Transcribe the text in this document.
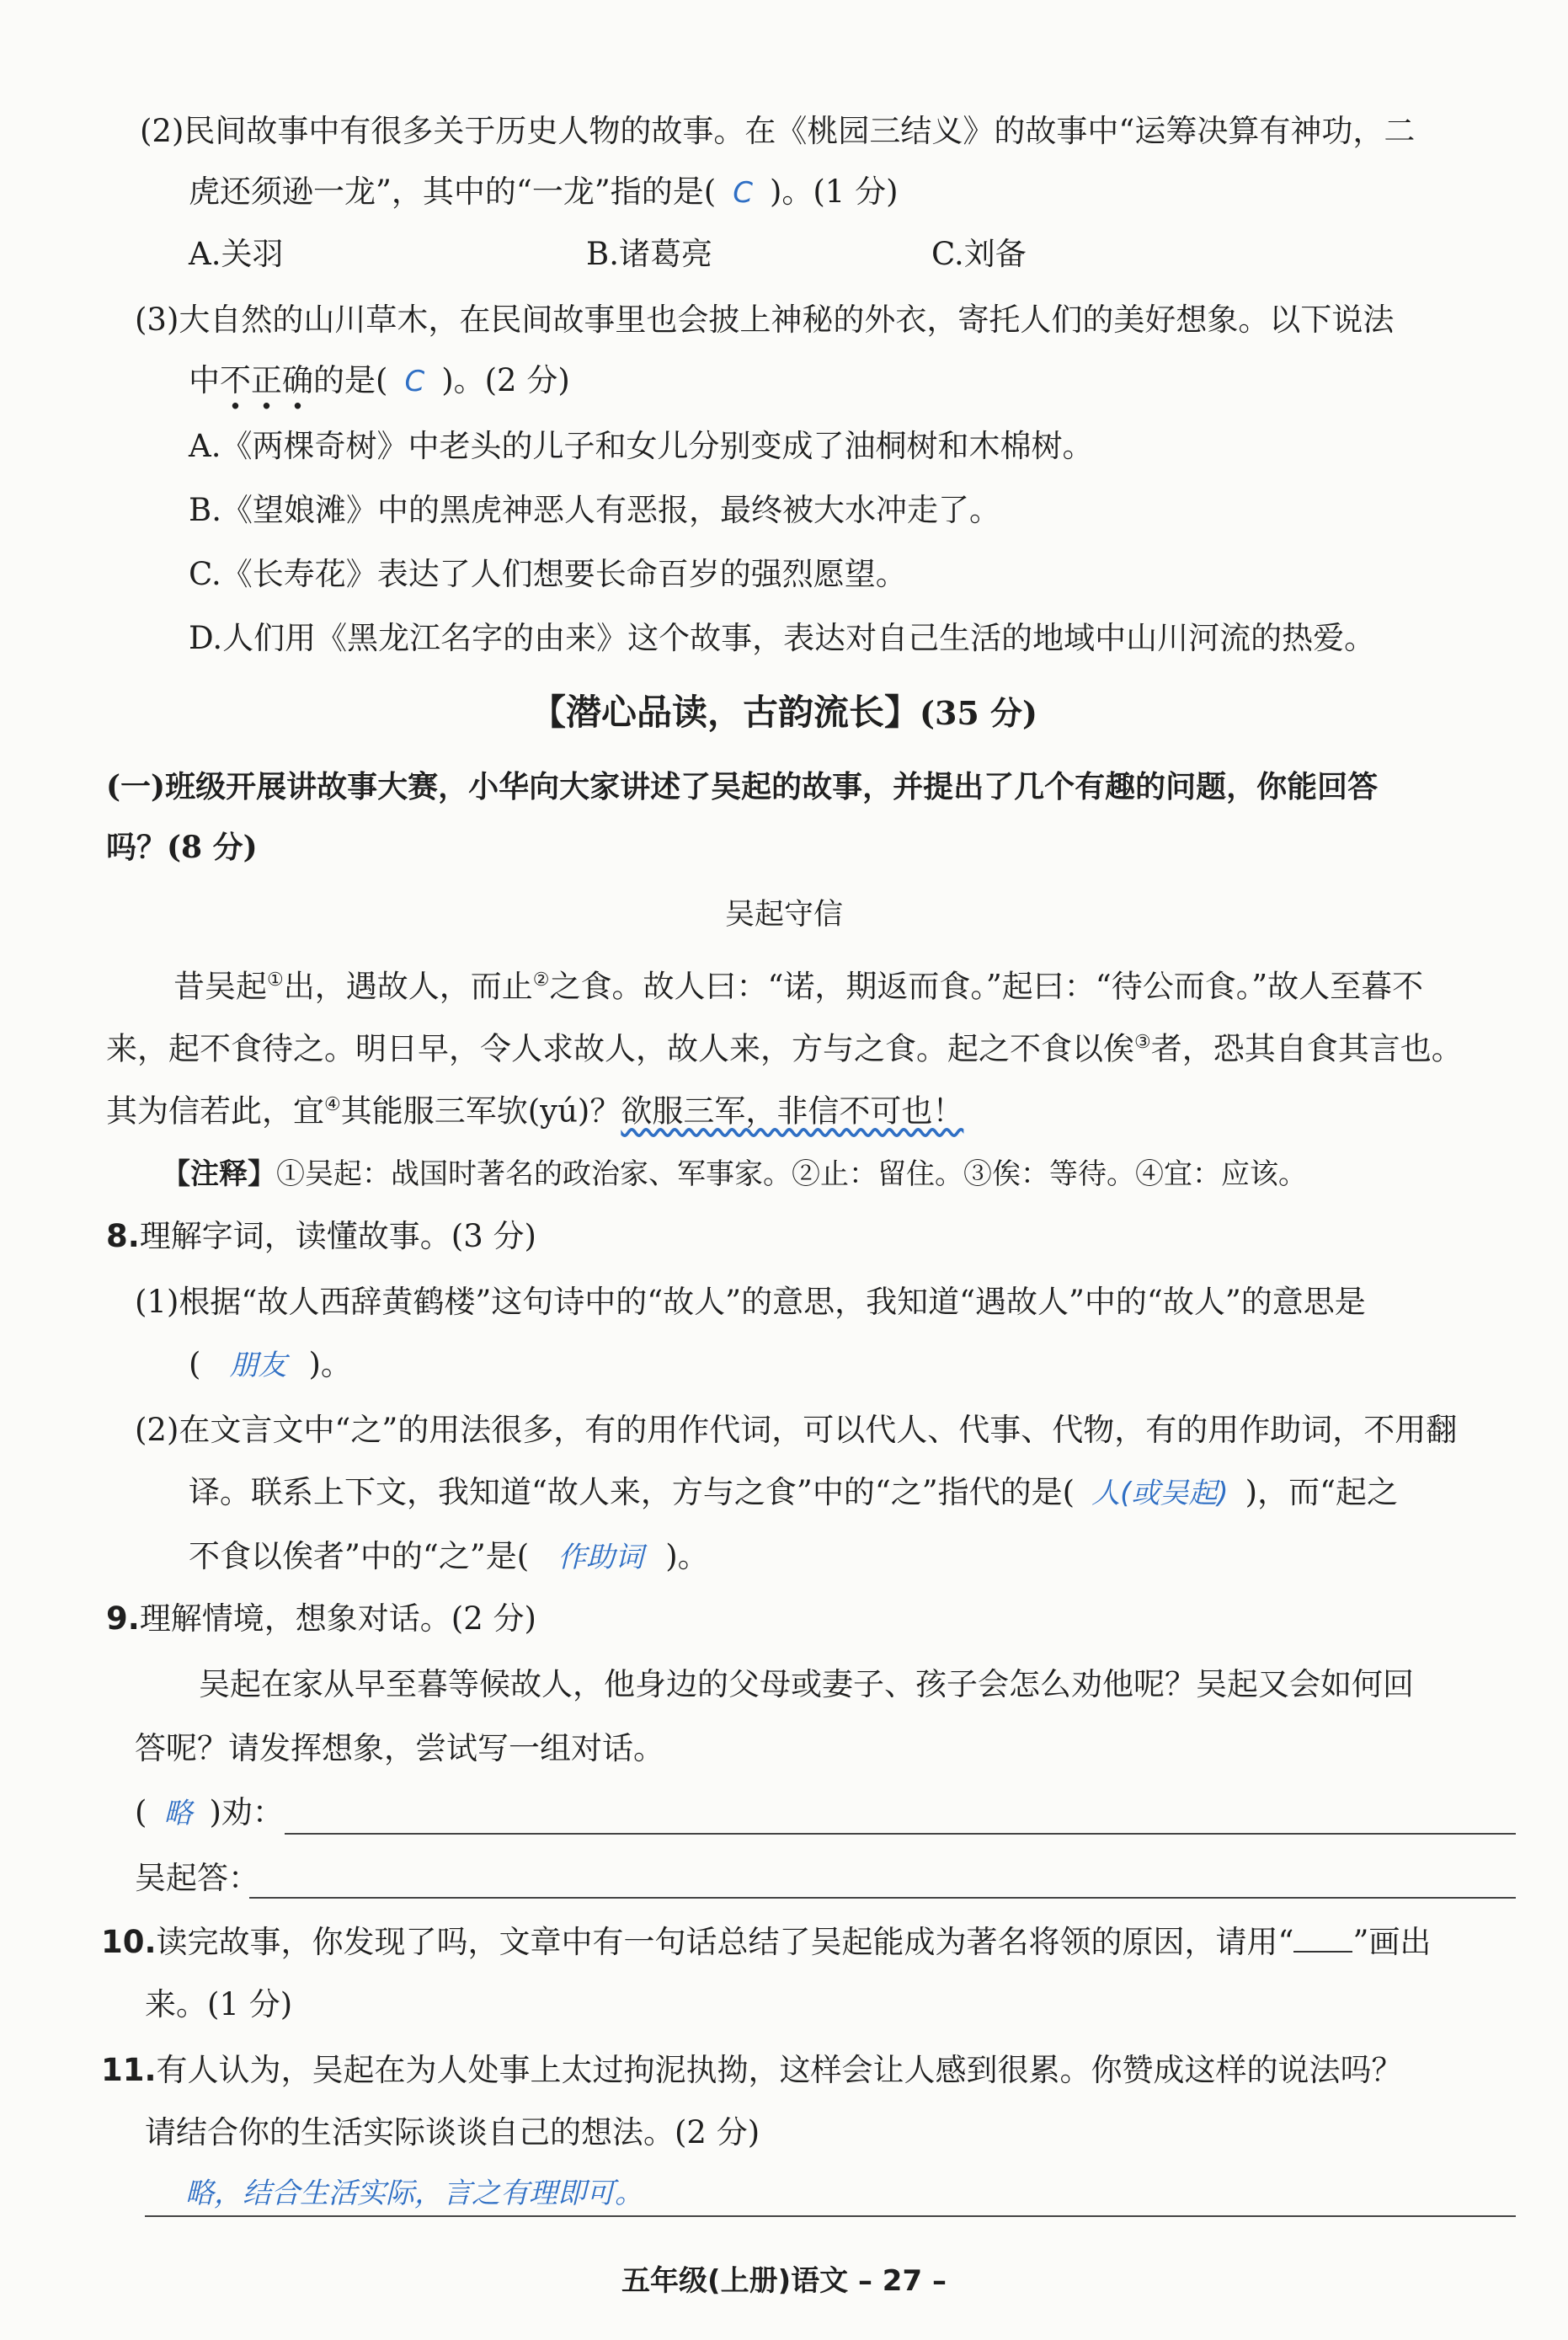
(2)民间故事中有很多关于历史人物的故事。在《桃园三结义》的故事中“运筹决算有神功，二
虎还须逊一龙”，其中的“一龙”指的是( C )。(1 分)
A.关羽	B.诸葛亮	C.刘备
(3)大自然的山川草木，在民间故事里也会披上神秘的外衣，寄托人们的美好想象。以下说法
中不正确的是( C )。(2 分)
A.《两棵奇树》中老头的儿子和女儿分别变成了油桐树和木棉树。
B.《望娘滩》中的黑虎神恶人有恶报，最终被大水冲走了。
C.《长寿花》表达了人们想要长命百岁的强烈愿望。
D.人们用《黑龙江名字的由来》这个故事，表达对自己生活的地域中山川河流的热爱。
【潜心品读，古韵流长】(35 分)
(一)班级开展讲故事大赛，小华向大家讲述了吴起的故事，并提出了几个有趣的问题，你能回答
吗？(8 分)
吴起守信
昔吴起①出，遇故人，而止②之食。故人曰：“诺，期返而食。”起曰：“待公而食。”故人至暮不
来，起不食待之。明日早，令人求故人，故人来，方与之食。起之不食以俟③者，恐其自食其言也。
其为信若此，宜④其能服三军欤(yú)？欲服三军，非信不可也！
【注释】①吴起：战国时著名的政治家、军事家。②止：留住。③俟：等待。④宜：应该。
8.理解字词，读懂故事。(3 分)
(1)根据“故人西辞黄鹤楼”这句诗中的“故人”的意思，我知道“遇故人”中的“故人”的意思是
( 朋友 )。
(2)在文言文中“之”的用法很多，有的用作代词，可以代人、代事、代物，有的用作助词，不用翻
译。联系上下文，我知道“故人来，方与之食”中的“之”指代的是( 人(或吴起) )，而“起之
不食以俟者”中的“之”是( 作助词 )。
9.理解情境，想象对话。(2 分)
吴起在家从早至暮等候故人，他身边的父母或妻子、孩子会怎么劝他呢？吴起又会如何回
答呢？请发挥想象，尝试写一组对话。
( 略 )劝：
吴起答：
10.读完故事，你发现了吗，文章中有一句话总结了吴起能成为著名将领的原因，请用“ ”画出
来。(1 分)
11.有人认为，吴起在为人处事上太过拘泥执拗，这样会让人感到很累。你赞成这样的说法吗？
请结合你的生活实际谈谈自己的想法。(2 分)
略，结合生活实际，言之有理即可。
五年级(上册)语文 – 27 –
